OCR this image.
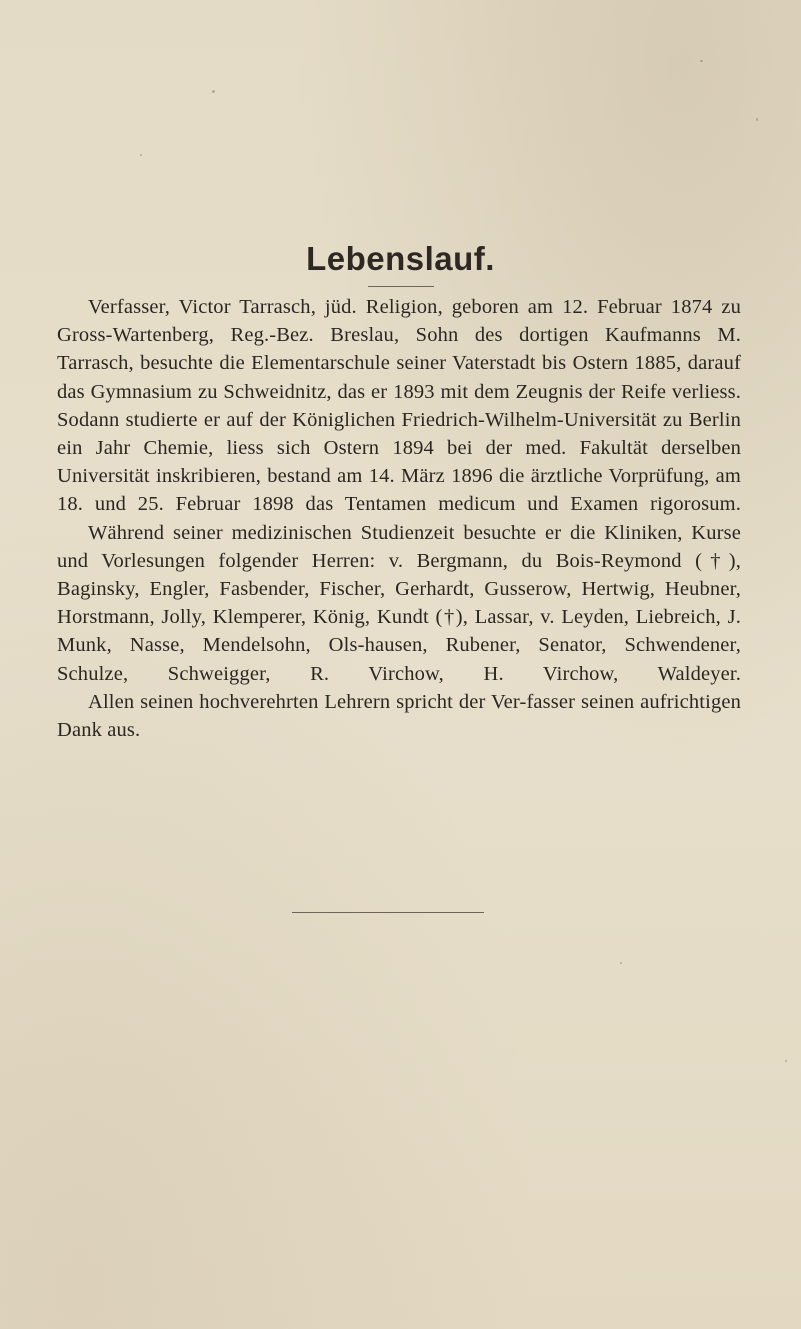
Lebenslauf.

Verfasser, Victor Tarrasch, jüd. Religion, geboren am 12. Februar 1874 zu Gross-Wartenberg, Reg.-Bez. Breslau, Sohn des dortigen Kaufmanns M. Tarrasch, besuchte die Elementarschule seiner Vaterstadt bis Ostern 1885, darauf das Gymnasium zu Schweidnitz, das er 1893 mit dem Zeugnis der Reife verliess. Sodann studierte er auf der Königlichen Friedrich-Wilhelm-Universität zu Berlin ein Jahr Chemie, liess sich Ostern 1894 bei der med. Fakultät derselben Universität inskribieren, bestand am 14. März 1896 die ärztliche Vorprüfung, am 18. und 25. Februar 1898 das Tentamen medicum und Examen rigorosum.

Während seiner medizinischen Studienzeit besuchte er die Kliniken, Kurse und Vorlesungen folgender Herren: v. Bergmann, du Bois-Reymond (†), Baginsky, Engler, Fasbender, Fischer, Gerhardt, Gusserow, Hertwig, Heubner, Horstmann, Jolly, Klemperer, König, Kundt (†), Lassar, v. Leyden, Liebreich, J. Munk, Nasse, Mendelsohn, Ols-hausen, Rubener, Senator, Schwendener, Schulze, Schweigger, R. Virchow, H. Virchow, Waldeyer.

Allen seinen hochverehrten Lehrern spricht der Ver-fasser seinen aufrichtigen Dank aus.
